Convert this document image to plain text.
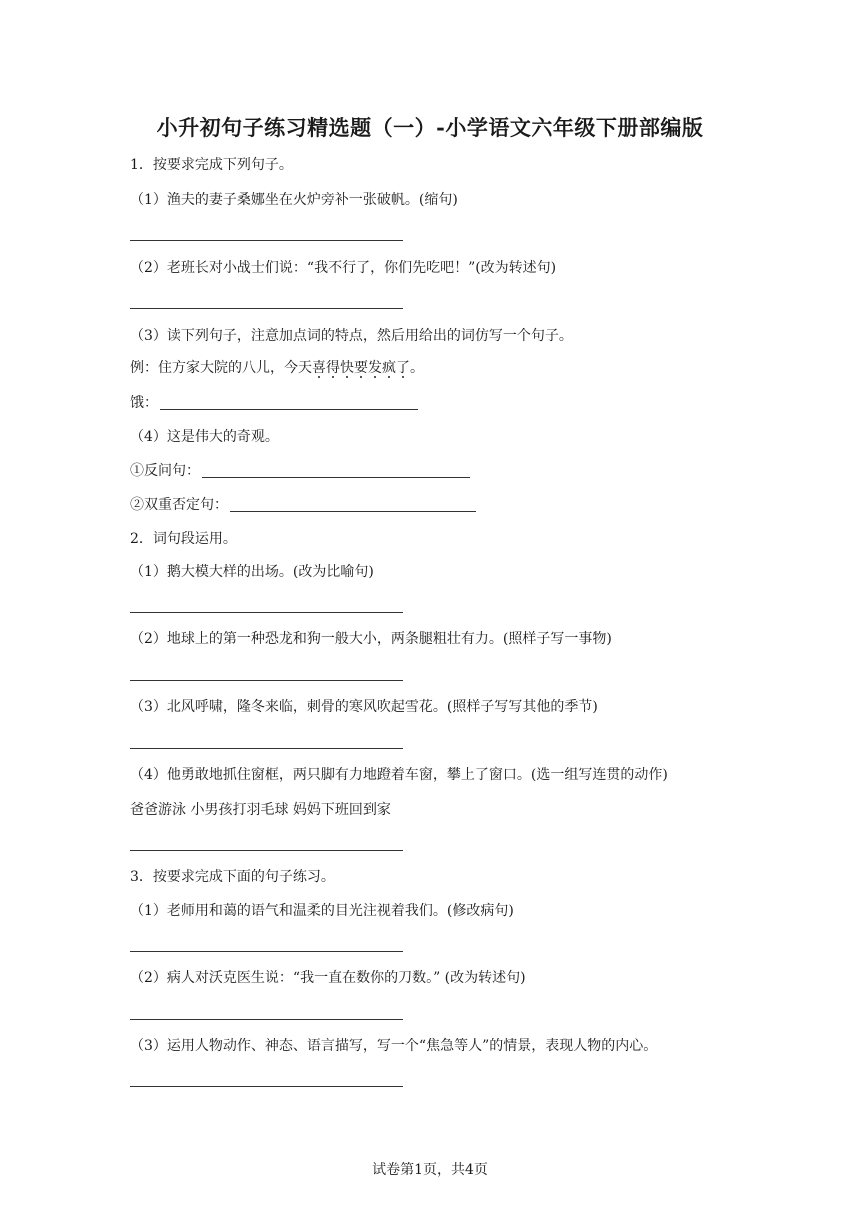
小升初句子练习精选题（一）-小学语文六年级下册部编版
1．按要求完成下列句子。
（1）渔夫的妻子桑娜坐在火炉旁补一张破帆。(缩句)
（2）老班长对小战士们说：“我不行了，你们先吃吧！”(改为转述句)
（3）读下列句子，注意加点词的特点，然后用给出的词仿写一个句子。
例：住方家大院的八儿，今天喜得快要发疯了
。
饿：
（4）这是伟大的奇观。
①反问句：
②双重否定句：
2．词句段运用。
（1）鹅大模大样的出场。(改为比喻句)
（2）地球上的第一种恐龙和狗一般大小，两条腿粗壮有力。(照样子写一事物)
（3）北风呼啸，隆冬来临，刺骨的寒风吹起雪花。(照样子写写其他的季节)
（4）他勇敢地抓住窗框，两只脚有力地蹬着车窗，攀上了窗口。(选一组写连贯的动作)
爸爸游泳 小男孩打羽毛球 妈妈下班回到家
3．按要求完成下面的句子练习。
（1）老师用和蔼的语气和温柔的目光注视着我们。(修改病句)
（2）病人对沃克医生说：“我一直在数你的刀数。” (改为转述句)
（3）运用人物动作、神态、语言描写，写一个“焦急等人”的情景，表现人物的内心。
试卷第1页，共4页
